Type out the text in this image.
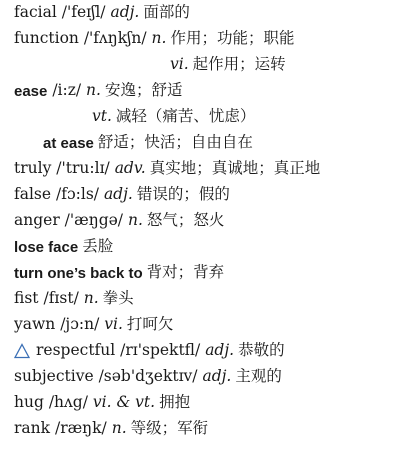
facial
/'feɪʃl/
adj. 面部的
function
/'fʌŋkʃn/
n. 作用；功能；职能
vi. 起作用；运转
ease
/i:z/
n. 安逸；舒适
vt. 减轻（痛苦、忧虑）
at ease 舒适；快活；自由自在
truly
/'tru:lɪ/
adv. 真实地；真诚地；真正地
false
/fɔ:ls/
adj. 错误的；假的
anger
/'æŋgə/
n. 怒气；怒火
lose face 丢脸
turn one’s back to 背对；背弃
fist
/fɪst/
n. 拳头
yawn
/jɔ:n/
vi. 打呵欠
respectful
/rɪ'spektfl/
adj. 恭敬的
subjective
/səb'dʒektɪv/
adj. 主观的
hug
/hʌg/
vi. & vt. 拥抱
rank
/ræŋk/
n. 等级；军衔
